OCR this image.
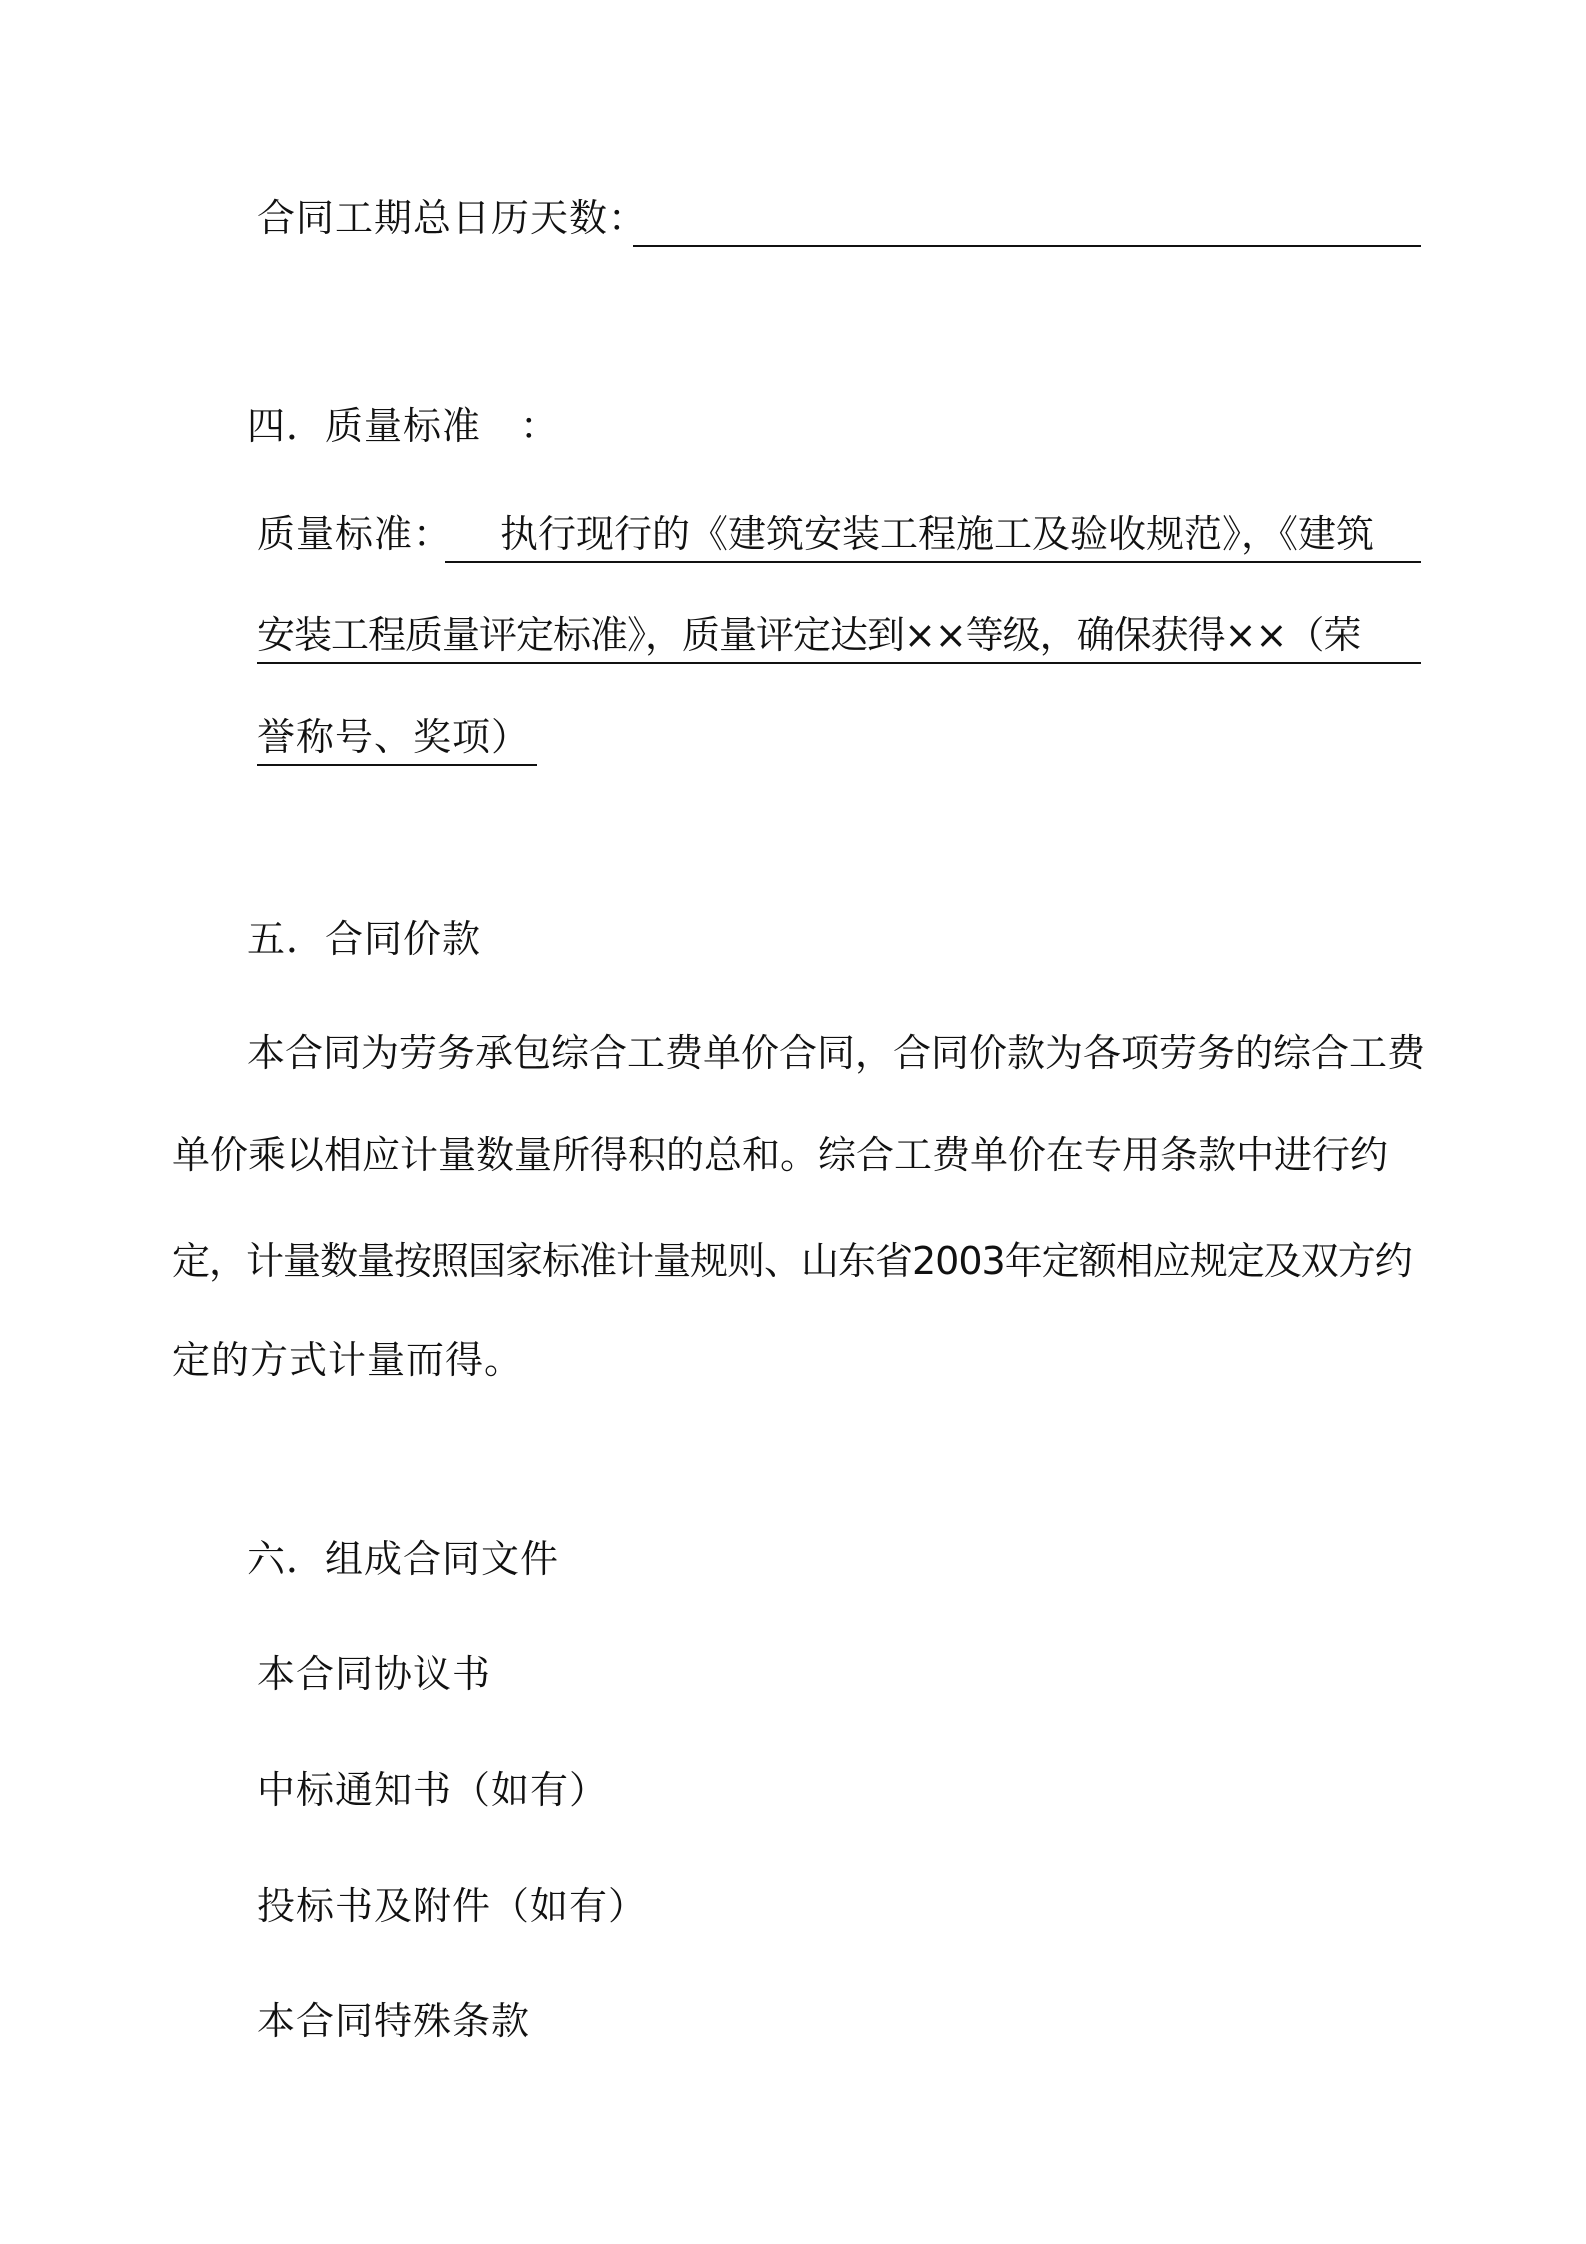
合同工期总日历天数：
四．质量标准　：
质量标准： 执行现行的《建筑安装工程施工及验收规范》，《建筑
安装工程质量评定标准》，质量评定达到××等级，确保获得××（荣
誉称号、奖项）
五．合同价款
本合同为劳务承包综合工费单价合同，合同价款为各项劳务的综合工费
单价乘以相应计量数量所得积的总和。综合工费单价在专用条款中进行约
定，计量数量按照国家标准计量规则、山东省2003年定额相应规定及双方约
定的方式计量而得。
六．组成合同文件
本合同协议书
中标通知书（如有）
投标书及附件（如有）
本合同特殊条款
